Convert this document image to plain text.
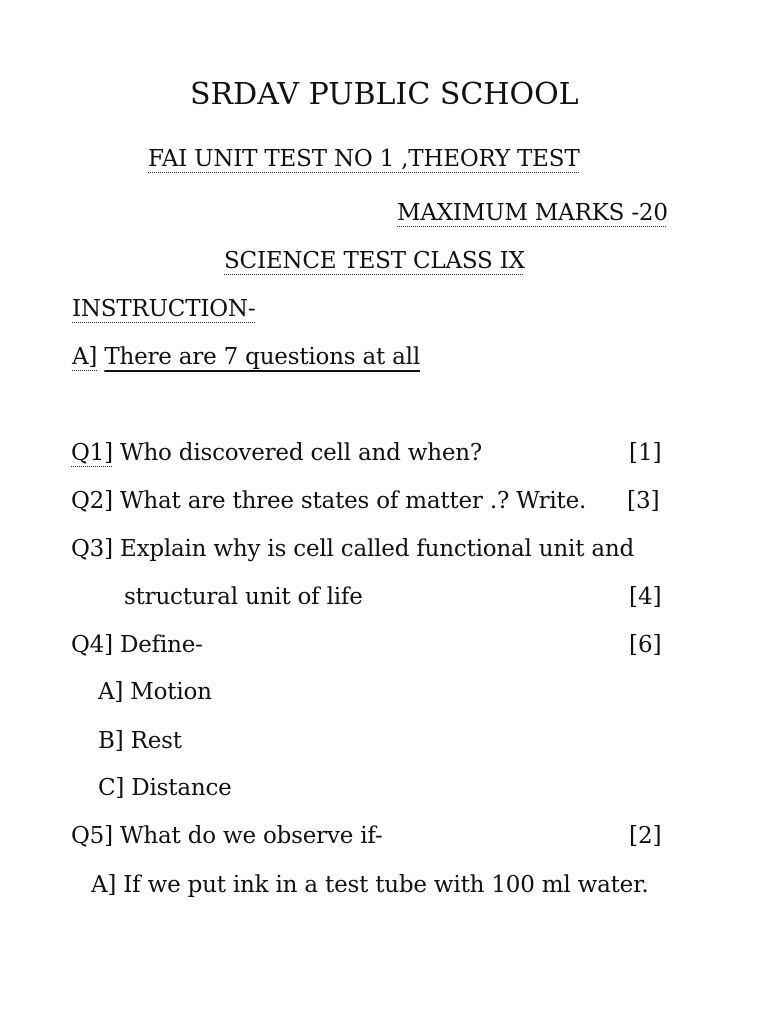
SRDAV PUBLIC SCHOOL
FAI UNIT TEST NO 1 ,THEORY TEST
MAXIMUM MARKS -20
SCIENCE TEST CLASS IX
INSTRUCTION-
A] There are 7 questions at all
Q1] Who discovered cell and when?	[1]
Q2] What are three states of matter .? Write. [3]
Q3] Explain why is cell called functional unit and
structural unit of life	[4]
Q4] Define-	[6]
A] Motion
B] Rest
C] Distance
Q5] What do we observe if-	[2]
A] If we put ink in a test tube with 100 ml water.
